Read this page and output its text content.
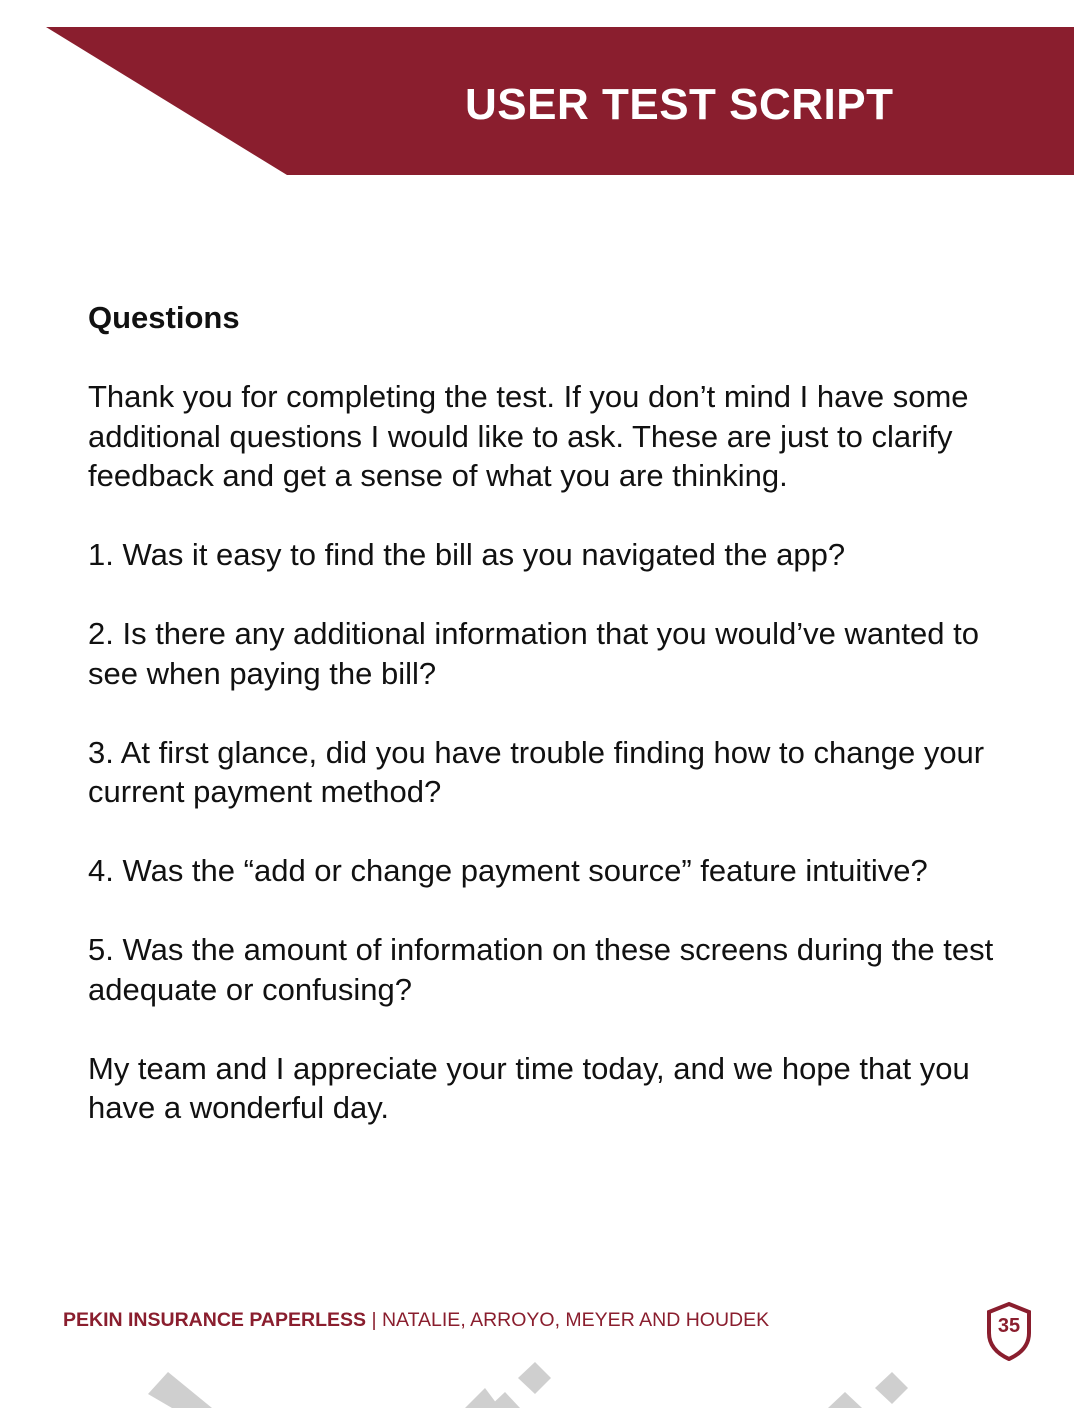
USER TEST SCRIPT
Questions

Thank you for completing the test. If you don’t mind I have some additional questions I would like to ask. These are just to clarify feedback and get a sense of what you are thinking.

1. Was it easy to find the bill as you navigated the app?

2. Is there any additional information that you would’ve wanted to see when paying the bill?

3. At first glance, did you have trouble finding how to change your current payment method?

4. Was the “add or change payment source” feature intuitive?

5. Was the amount of information on these screens during the test adequate or confusing?

My team and I appreciate your time today, and we hope that you have a wonderful day.

PEKIN INSURANCE PAPERLESS | NATALIE, ARROYO, MEYER AND HOUDEK	35
